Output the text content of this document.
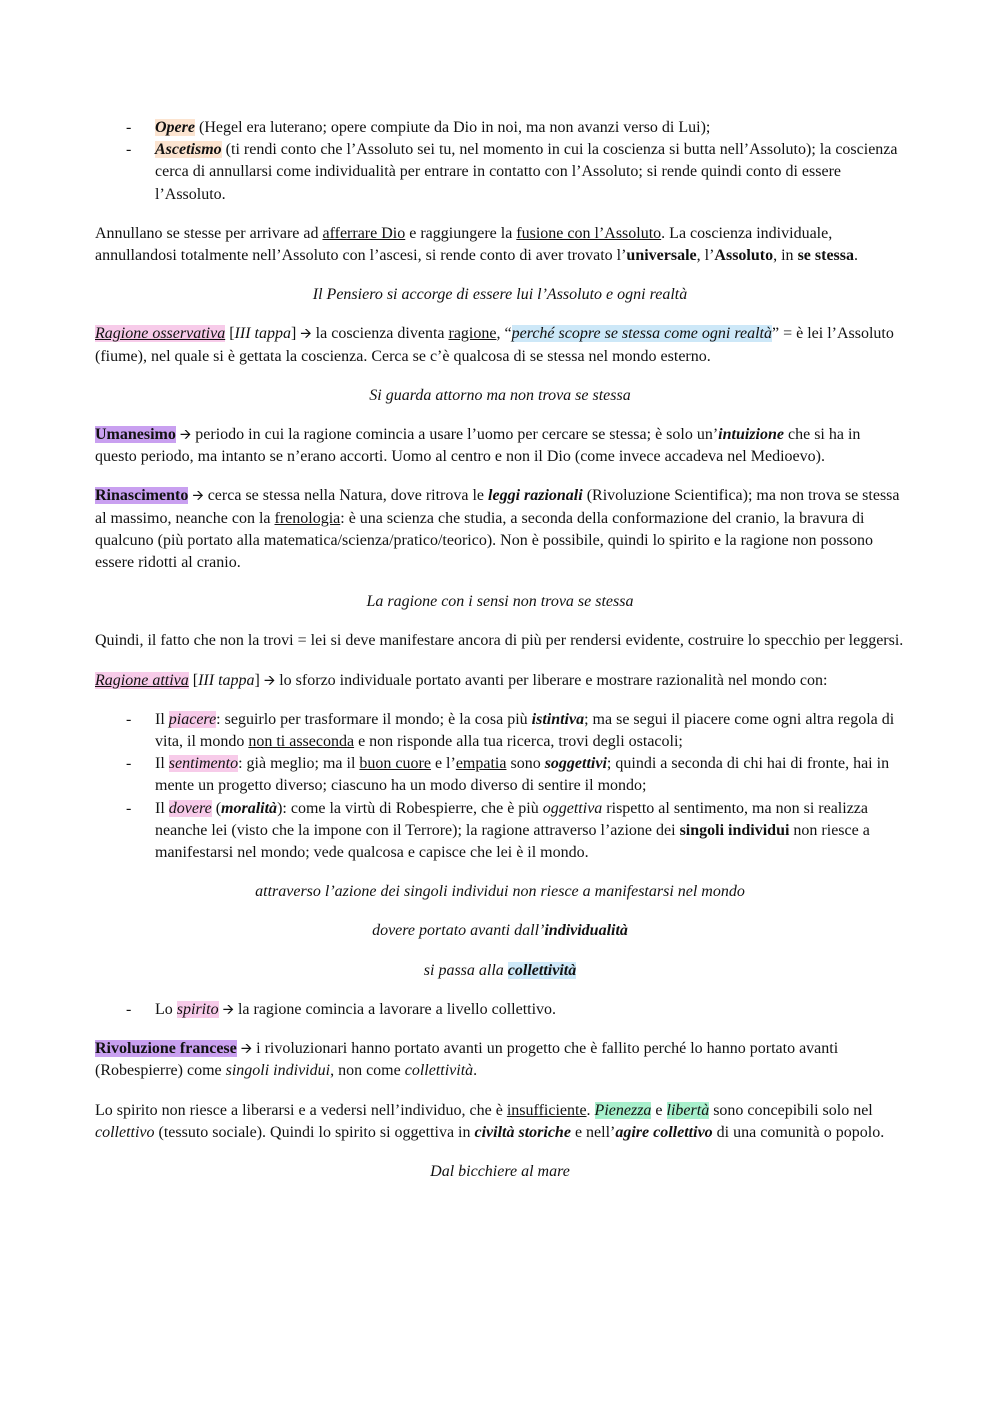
- Opere (Hegel era luterano; opere compiute da Dio in noi, ma non avanzi verso di Lui);
- Ascetismo (ti rendi conto che l’Assoluto sei tu, nel momento in cui la coscienza si butta nell’Assoluto); la coscienza cerca di annullarsi come individualità per entrare in contatto con l’Assoluto; si rende quindi conto di essere l’Assoluto.

Annullano se stesse per arrivare ad afferrare Dio e raggiungere la fusione con l’Assoluto. La coscienza individuale, annullandosi totalmente nell’Assoluto con l’ascesi, si rende conto di aver trovato l’universale, l’Assoluto, in se stessa.

Il Pensiero si accorge di essere lui l’Assoluto e ogni realtà

Ragione osservativa [III tappa] 🡪 la coscienza diventa ragione, “perché scopre se stessa come ogni realtà” = è lei l’Assoluto (fiume), nel quale si è gettata la coscienza. Cerca se c’è qualcosa di se stessa nel mondo esterno.

Si guarda attorno ma non trova se stessa

Umanesimo 🡪 periodo in cui la ragione comincia a usare l’uomo per cercare se stessa; è solo un’intuizione che si ha in questo periodo, ma intanto se n’erano accorti. Uomo al centro e non il Dio (come invece accadeva nel Medioevo).

Rinascimento 🡪 cerca se stessa nella Natura, dove ritrova le leggi razionali (Rivoluzione Scientifica); ma non trova se stessa al massimo, neanche con la frenologia: è una scienza che studia, a seconda della conformazione del cranio, la bravura di qualcuno (più portato alla matematica/scienza/pratico/teorico). Non è possibile, quindi lo spirito e la ragione non possono essere ridotti al cranio.

La ragione con i sensi non trova se stessa

Quindi, il fatto che non la trovi = lei si deve manifestare ancora di più per rendersi evidente, costruire lo specchio per leggersi.

Ragione attiva [III tappa] 🡪 lo sforzo individuale portato avanti per liberare e mostrare razionalità nel mondo con:

- Il piacere: seguirlo per trasformare il mondo; è la cosa più istintiva; ma se segui il piacere come ogni altra regola di vita, il mondo non ti asseconda e non risponde alla tua ricerca, trovi degli ostacoli;
- Il sentimento: già meglio; ma il buon cuore e l’empatia sono soggettivi; quindi a seconda di chi hai di fronte, hai in mente un progetto diverso; ciascuno ha un modo diverso di sentire il mondo;
- Il dovere (moralità): come la virtù di Robespierre, che è più oggettiva rispetto al sentimento, ma non si realizza neanche lei (visto che la impone con il Terrore); la ragione attraverso l’azione dei singoli individui non riesce a manifestarsi nel mondo; vede qualcosa e capisce che lei è il mondo.

attraverso l’azione dei singoli individui non riesce a manifestarsi nel mondo

dovere portato avanti dall’individualità

si passa alla collettività

- Lo spirito 🡪 la ragione comincia a lavorare a livello collettivo.

Rivoluzione francese 🡪 i rivoluzionari hanno portato avanti un progetto che è fallito perché lo hanno portato avanti (Robespierre) come singoli individui, non come collettività.

Lo spirito non riesce a liberarsi e a vedersi nell’individuo, che è insufficiente. Pienezza e libertà sono concepibili solo nel collettivo (tessuto sociale). Quindi lo spirito si oggettiva in civiltà storiche e nell’agire collettivo di una comunità o popolo.

Dal bicchiere al mare
